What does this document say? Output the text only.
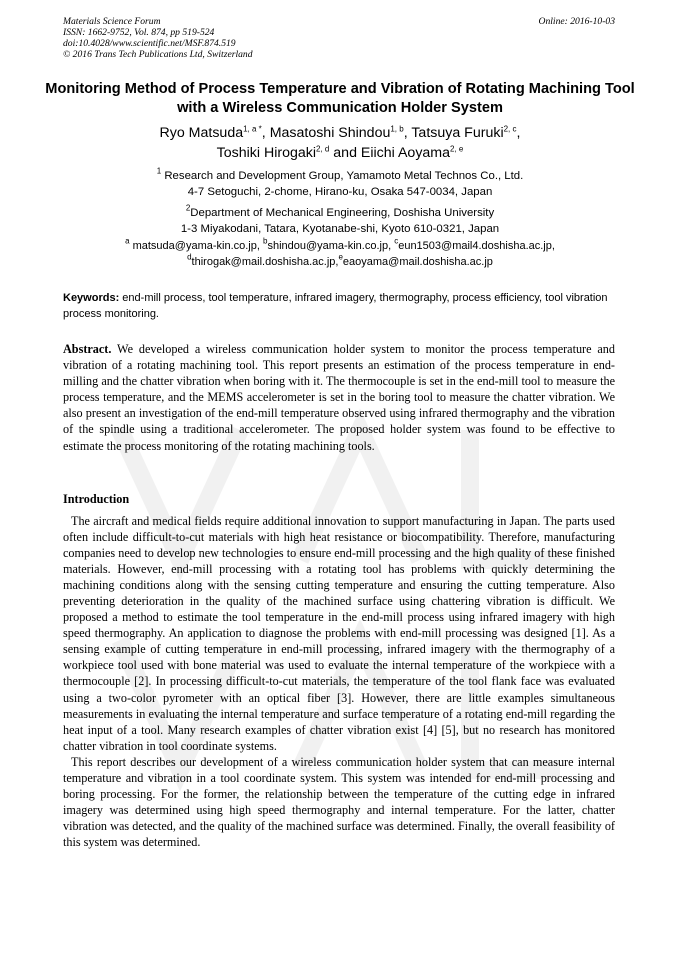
Materials Science Forum
ISSN: 1662-9752, Vol. 874, pp 519-524
doi:10.4028/www.scientific.net/MSF.874.519
© 2016 Trans Tech Publications Ltd, Switzerland
Online: 2016-10-03
Monitoring Method of Process Temperature and Vibration of Rotating Machining Tool with a Wireless Communication Holder System
Ryo Matsuda$^{1, a *}$, Masatoshi Shindou$^{1, b}$, Tatsuya Furuki$^{2, c}$,
Toshiki Hirogaki$^{2, d}$ and Eiichi Aoyama$^{2, e}$
$^1$ Research and Development Group, Yamamoto Metal Technos Co., Ltd.
4-7 Setoguchi, 2-chome, Hirano-ku, Osaka 547-0034, Japan
$^2$Department of Mechanical Engineering, Doshisha University
1-3 Miyakodani, Tatara, Kyotanabe-shi, Kyoto 610-0321, Japan
$^a$ matsuda@yama-kin.co.jp, $^b$shindou@yama-kin.co.jp, $^c$eun1503@mail4.doshisha.ac.jp,
$^d$thirogak@mail.doshisha.ac.jp,$^e$eaoyama@mail.doshisha.ac.jp
Keywords: end-mill process, tool temperature, infrared imagery, thermography, process efficiency, tool vibration process monitoring.
Abstract. We developed a wireless communication holder system to monitor the process temperature and vibration of a rotating machining tool. This report presents an estimation of the process temperature in end-milling and the chatter vibration when boring with it. The thermocouple is set in the end-mill tool to measure the process temperature, and the MEMS accelerometer is set in the boring tool to measure the chatter vibration. We also present an investigation of the end-mill temperature observed using infrared thermography and the vibration of the spindle using a traditional accelerometer. The proposed holder system was found to be effective to estimate the process monitoring of the rotating machining tools.
Introduction

The aircraft and medical fields require additional innovation to support manufacturing in Japan. The parts used often include difficult-to-cut materials with high heat resistance or biocompatibility. Therefore, manufacturing companies need to develop new technologies to ensure end-mill processing and the high quality of these finished materials. However, end-mill processing with a rotating tool has problems with quickly determining the machining conditions along with the sensing cutting temperature and ensuring the cutting temperature. Also preventing deterioration in the quality of the machined surface using chattering vibration is difficult. We proposed a method to estimate the tool temperature in the end-mill process using infrared imagery with high speed thermography. An application to diagnose the problems with end-mill processing was designed [1]. As a sensing example of cutting temperature in end-mill processing, infrared imagery with the thermography of a workpiece tool used with bone material was used to evaluate the internal temperature of the workpiece with a thermocouple [2]. In processing difficult-to-cut materials, the temperature of the tool flank face was evaluated using a two-color pyrometer with an optical fiber [3]. However, there are little examples simultaneous measurements in evaluating the internal temperature and surface temperature of a rotating end-mill regarding the heat input of a tool. Many research examples of chatter vibration exist [4] [5], but no research has monitored chatter vibration in tool coordinate systems.

This report describes our development of a wireless communication holder system that can measure internal temperature and vibration in a tool coordinate system. This system was intended for end-mill processing and boring processing. For the former, the relationship between the temperature of the cutting edge in infrared imagery was determined using high speed thermography and internal temperature. For the latter, chatter vibration was detected, and the quality of the machined surface was determined. Finally, the overall feasibility of this system was determined.
